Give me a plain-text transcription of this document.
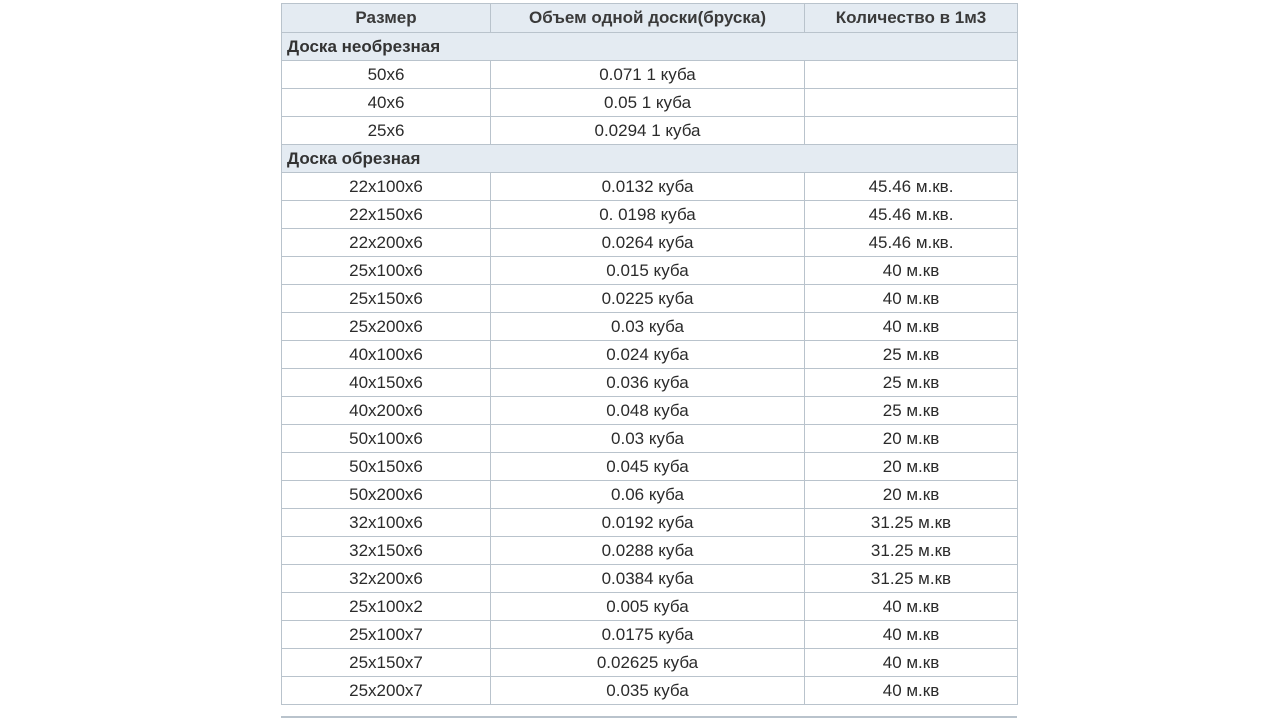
Размер	Объем одной доски(бруска)	Количество в 1м3
Доска необрезная		
50х6	0.071 1 куба	
40х6	0.05 1 куба	
25х6	0.0294 1 куба	
Доска обрезная		
22х100х6	0.0132 куба	45.46 м.кв.
22х150х6	0. 0198 куба	45.46 м.кв.
22х200х6	0.0264 куба	45.46 м.кв.
25х100х6	0.015 куба	40 м.кв
25х150х6	0.0225 куба	40 м.кв
25х200х6	0.03 куба	40 м.кв
40х100х6	0.024 куба	25 м.кв
40х150х6	0.036 куба	25 м.кв
40х200х6	0.048 куба	25 м.кв
50х100х6	0.03 куба	20 м.кв
50х150х6	0.045 куба	20 м.кв
50х200х6	0.06 куба	20 м.кв
32х100х6	0.0192 куба	31.25 м.кв
32х150х6	0.0288 куба	31.25 м.кв
32х200х6	0.0384 куба	31.25 м.кв
25х100х2	0.005 куба	40 м.кв
25х100х7	0.0175 куба	40 м.кв
25х150х7	0.02625 куба	40 м.кв
25х200х7	0.035 куба	40 м.кв
